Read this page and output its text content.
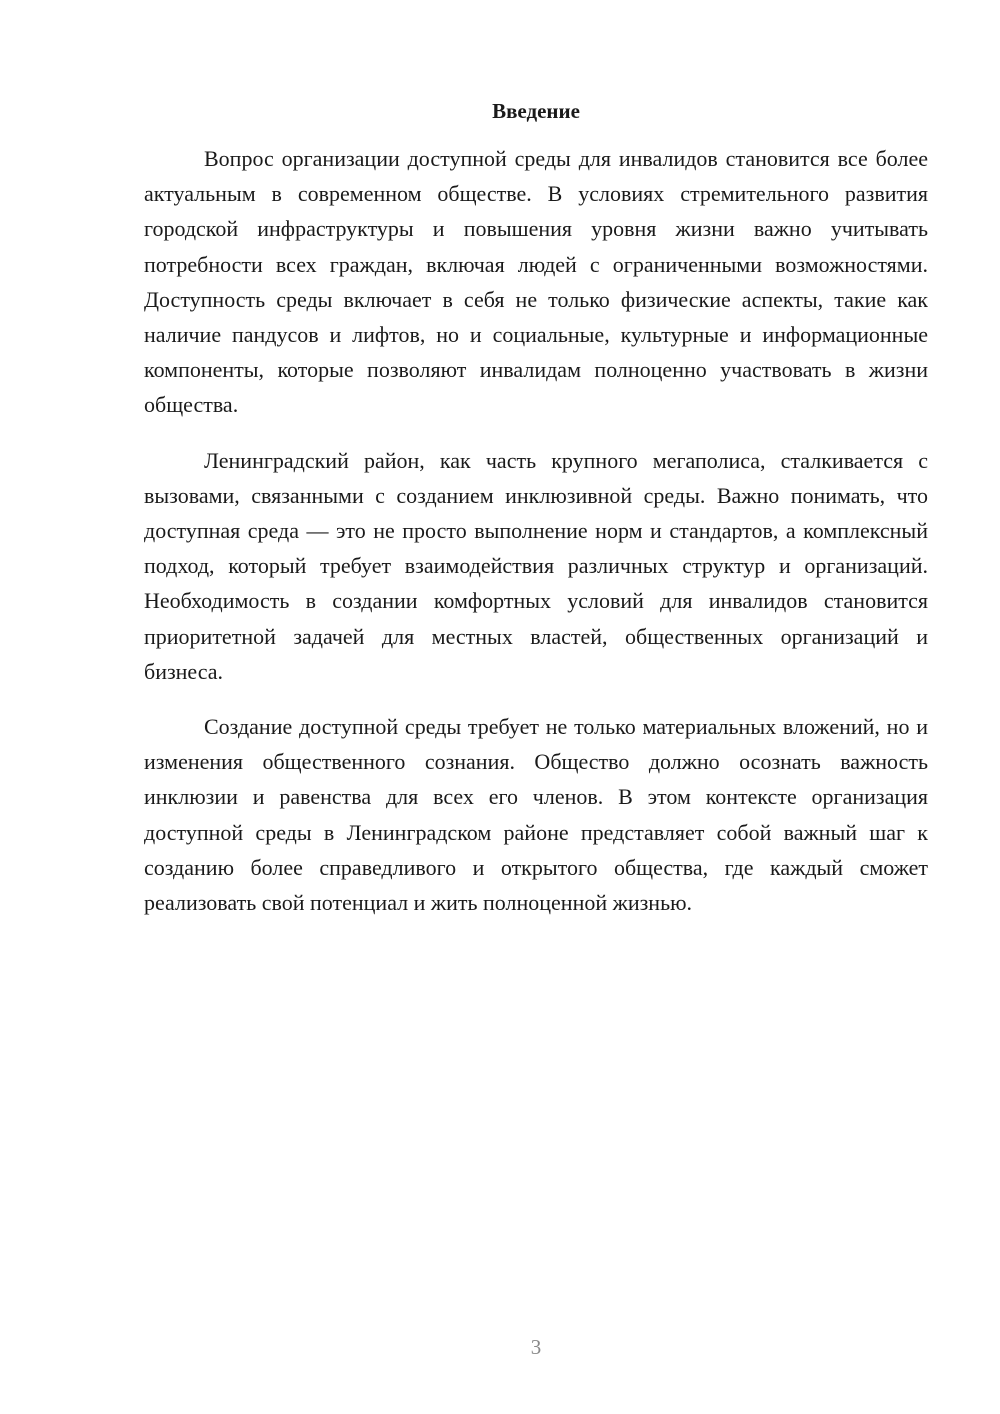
Введение

Вопрос организации доступной среды для инвалидов становится все более актуальным в современном обществе. В условиях стремительного развития городской инфраструктуры и повышения уровня жизни важно учитывать потребности всех граждан, включая людей с ограниченными возможностями. Доступность среды включает в себя не только физические аспекты, такие как наличие пандусов и лифтов, но и социальные, культурные и информационные компоненты, которые позволяют инвалидам полноценно участвовать в жизни общества.

Ленинградский район, как часть крупного мегаполиса, сталкивается с вызовами, связанными с созданием инклюзивной среды. Важно понимать, что доступная среда — это не просто выполнение норм и стандартов, а комплексный подход, который требует взаимодействия различных структур и организаций. Необходимость в создании комфортных условий для инвалидов становится приоритетной задачей для местных властей, общественных организаций и бизнеса.

Создание доступной среды требует не только материальных вложений, но и изменения общественного сознания. Общество должно осознать важность инклюзии и равенства для всех его членов. В этом контексте организация доступной среды в Ленинградском районе представляет собой важный шаг к созданию более справедливого и открытого общества, где каждый сможет реализовать свой потенциал и жить полноценной жизнью.

3
